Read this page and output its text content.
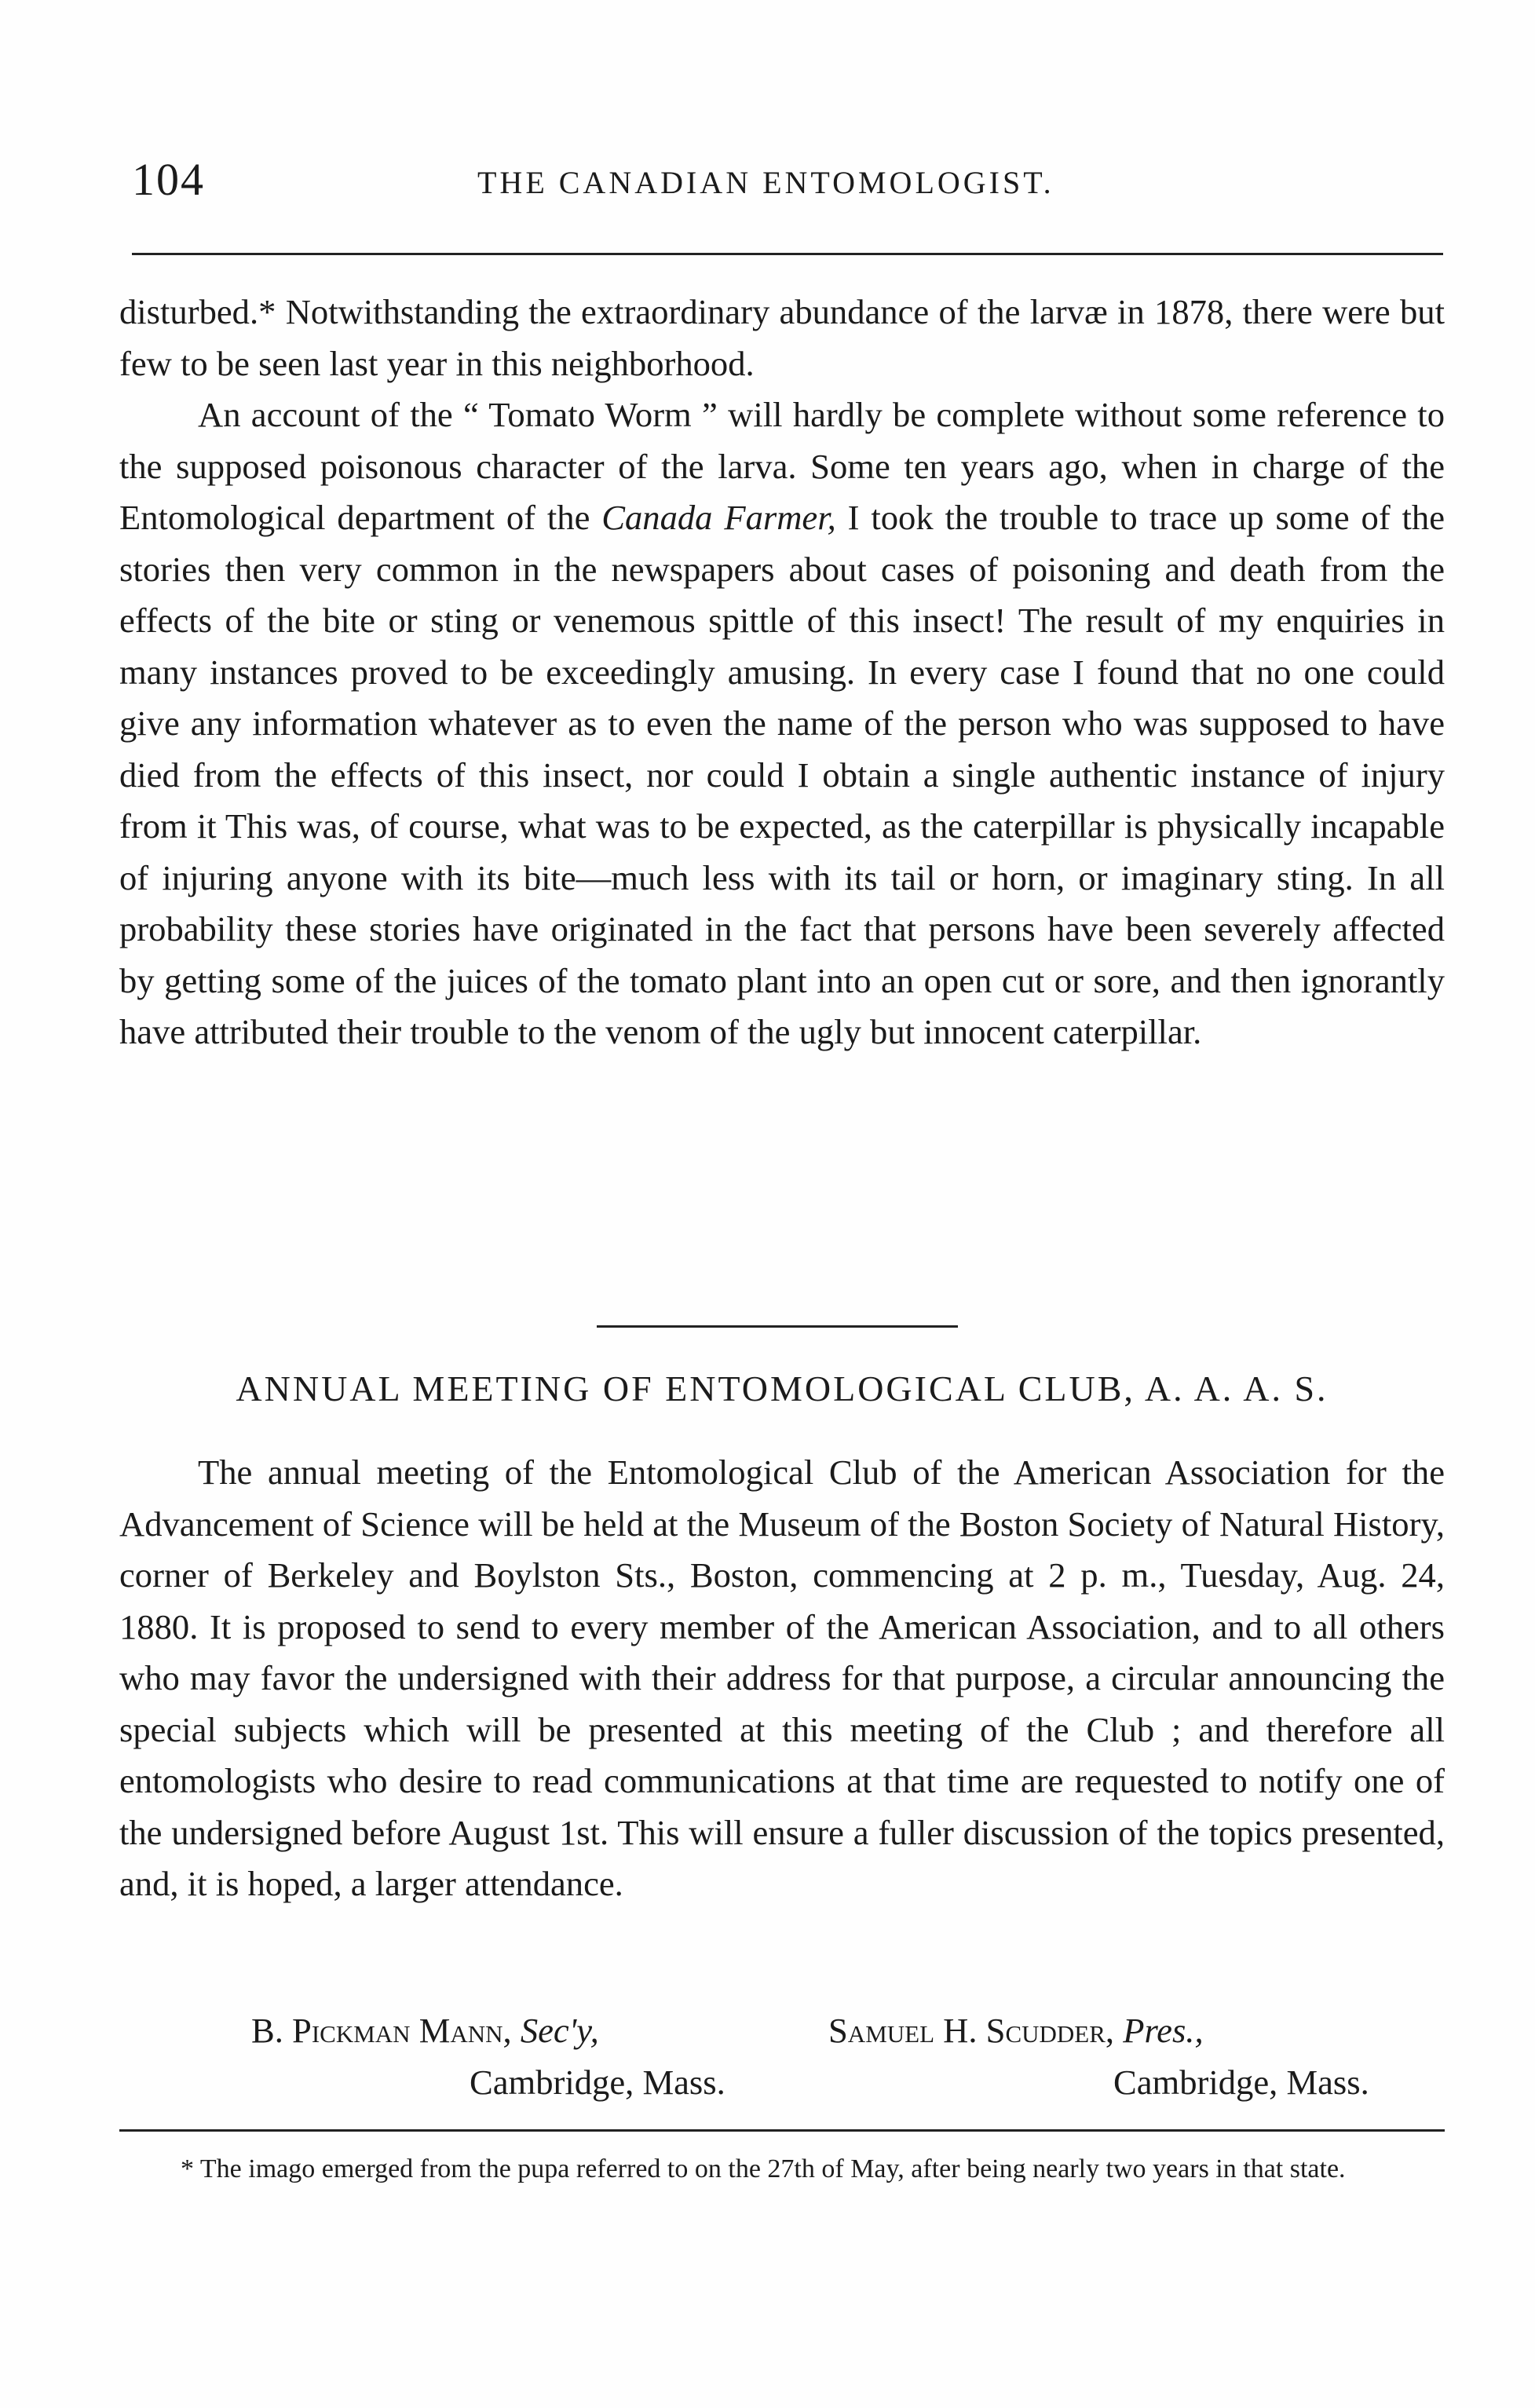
104	THE CANADIAN ENTOMOLOGIST.

disturbed.* Notwithstanding the extraordinary abundance of the larvæ in 1878, there were but few to be seen last year in this neighborhood.

An account of the “ Tomato Worm ” will hardly be complete without some reference to the supposed poisonous character of the larva. Some ten years ago, when in charge of the Entomological department of the Canada Farmer, I took the trouble to trace up some of the stories then very common in the newspapers about cases of poisoning and death from the effects of the bite or sting or venemous spittle of this insect! The result of my enquiries in many instances proved to be exceedingly amusing. In every case I found that no one could give any information whatever as to even the name of the person who was supposed to have died from the effects of this insect, nor could I obtain a single authentic instance of injury from it This was, of course, what was to be expected, as the caterpillar is physically incapable of injuring anyone with its bite—much less with its tail or horn, or imaginary sting. In all probability these stories have originated in the fact that persons have been severely affected by getting some of the juices of the tomato plant into an open cut or sore, and then ignorantly have attributed their trouble to the venom of the ugly but innocent caterpillar.

ANNUAL MEETING OF ENTOMOLOGICAL CLUB, A. A. A. S.

The annual meeting of the Entomological Club of the American Association for the Advancement of Science will be held at the Museum of the Boston Society of Natural History, corner of Berkeley and Boylston Sts., Boston, commencing at 2 p. m., Tuesday, Aug. 24, 1880. It is proposed to send to every member of the American Association, and to all others who may favor the undersigned with their address for that purpose, a circular announcing the special subjects which will be presented at this meeting of the Club ; and therefore all entomologists who desire to read communications at that time are requested to notify one of the undersigned before August 1st. This will ensure a fuller discussion of the topics presented, and, it is hoped, a larger attendance.

B. Pickman Mann, Sec'y,	Samuel H. Scudder, Pres.,
Cambridge, Mass.	Cambridge, Mass.

* The imago emerged from the pupa referred to on the 27th of May, after being nearly two years in that state.
